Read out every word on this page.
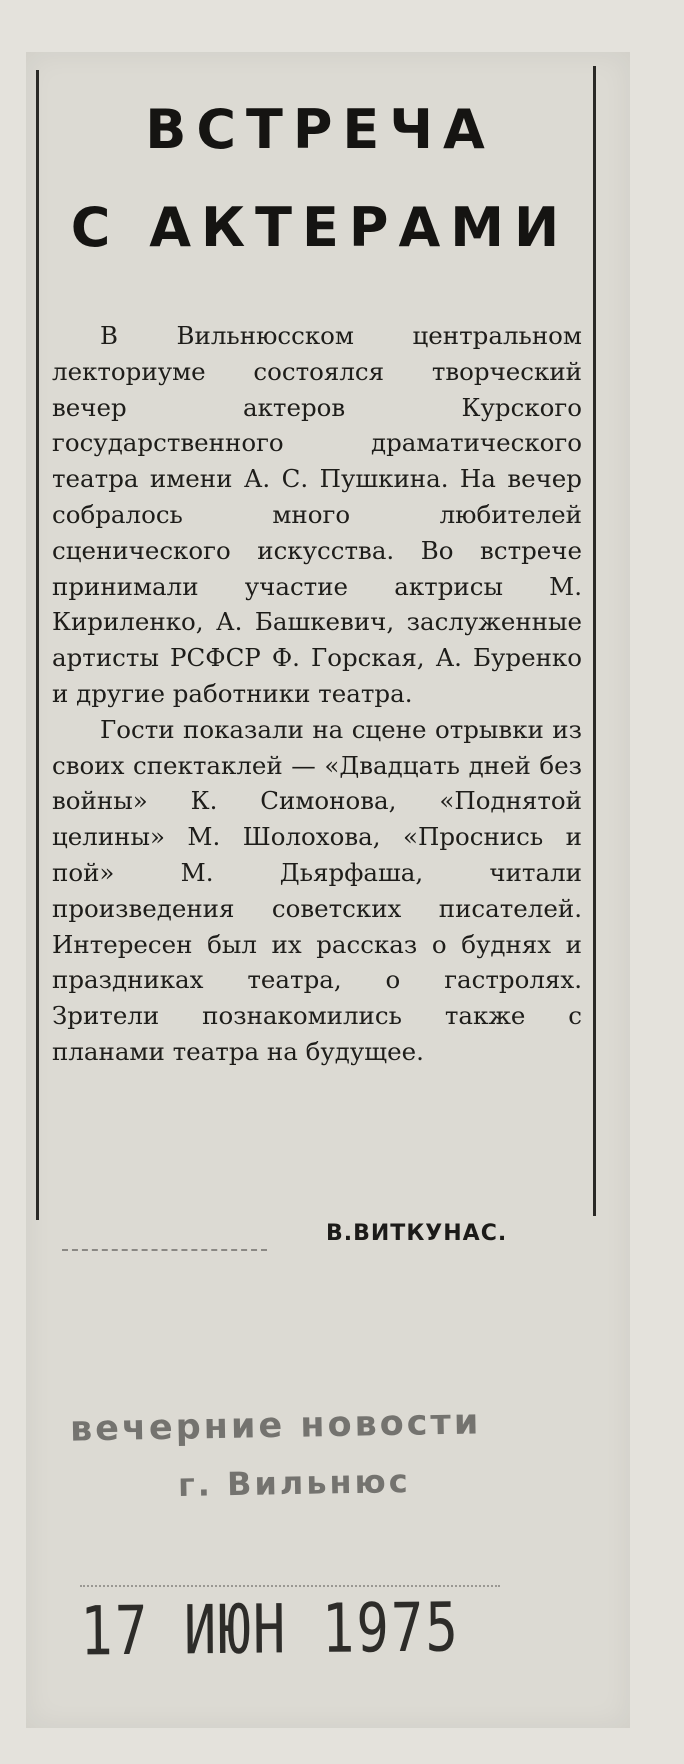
ВСТРЕЧА
С АКТЕРАМИ

В Вильнюсском центральном лекториуме состоялся творческий вечер актеров Курского государственного драматического театра имени А. С. Пушкина. На вечер собралось много любителей сценического искусства. Во встрече принимали участие актрисы М. Кириленко, А. Башкевич, заслуженные артисты РСФСР Ф. Горская, А. Буренко и другие работники театра.

Гости показали на сцене отрывки из своих спектаклей — «Двадцать дней без войны» К. Симонова, «Поднятой целины» М. Шолохова, «Проснись и пой» М. Дьярфаша, читали произведения советских писателей. Интересен был их рассказ о буднях и праздниках театра, о гастролях. Зрители познакомились также с планами театра на будущее.

В.ВИТКУНАС.
вечерние новости
г. Вильнюс
17 ИЮН 1975
